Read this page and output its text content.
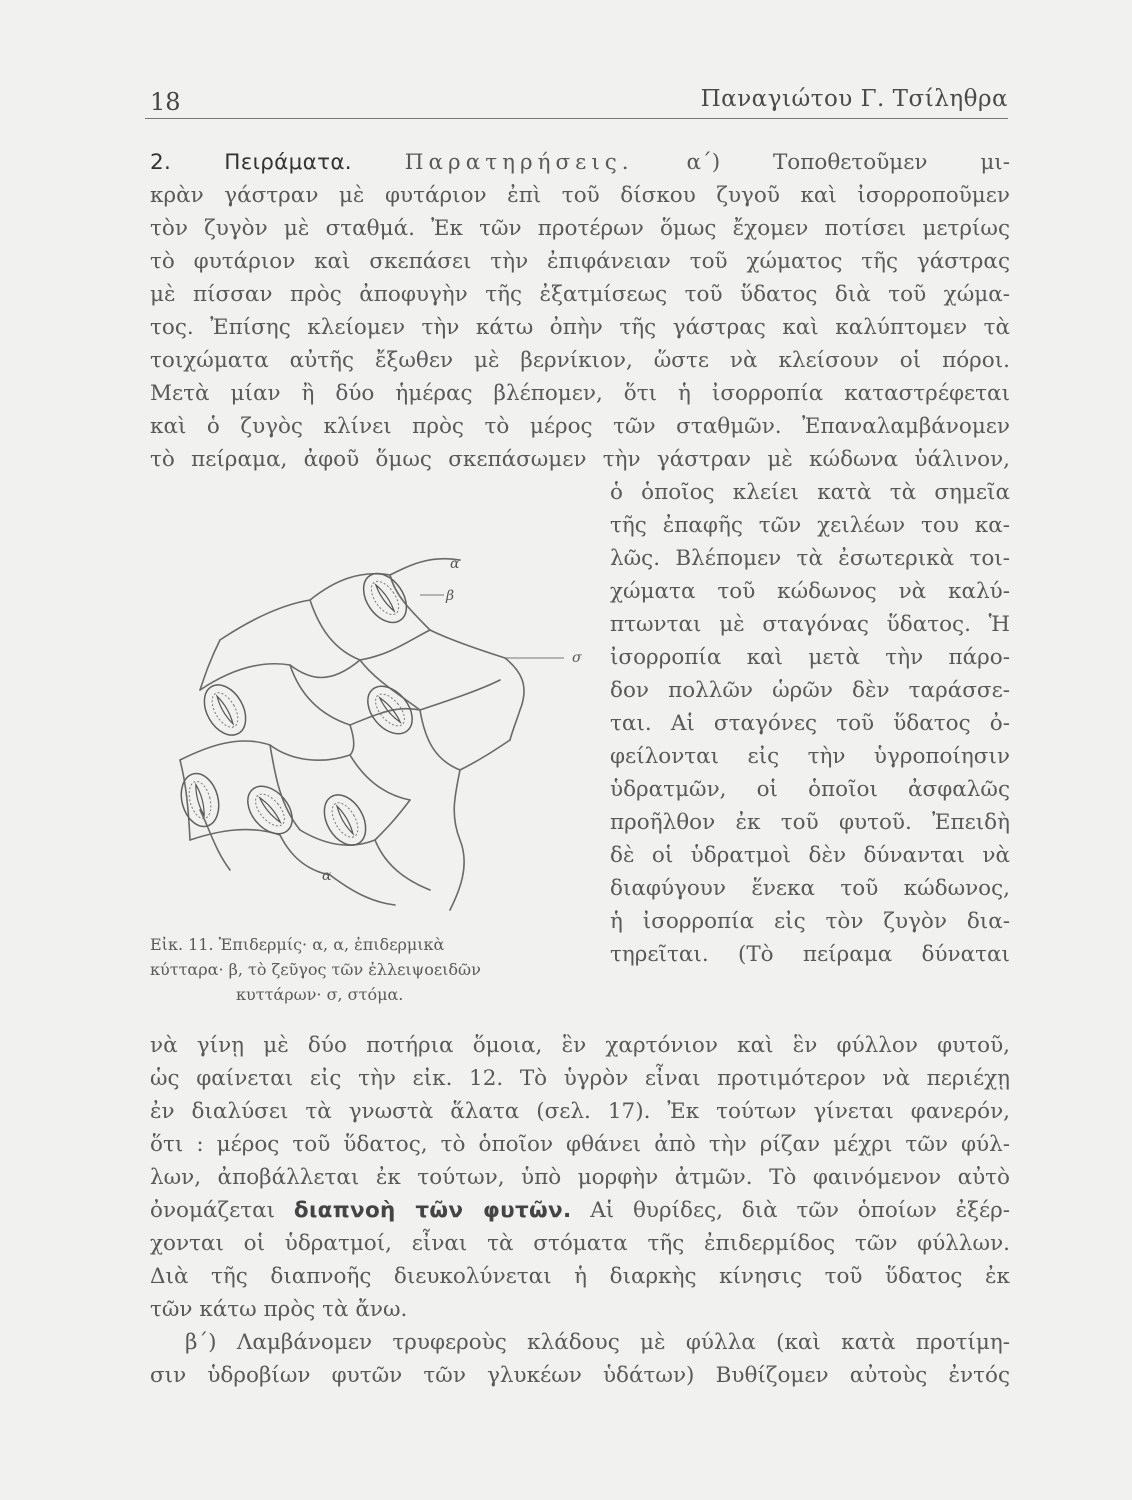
18	Παναγιώτου Γ. Τσίληθρα
2. Πειράματα. Παρατηρήσεις. α΄) Τοποθετοῦμεν μι-
κρὰν γάστραν μὲ φυτάριον ἐπὶ τοῦ δίσκου ζυγοῦ καὶ ἰσορροποῦμεν
τὸν ζυγὸν μὲ σταθμά. Ἐκ τῶν προτέρων ὅμως ἔχομεν ποτίσει μετρίως
τὸ φυτάριον καὶ σκεπάσει τὴν ἐπιφάνειαν τοῦ χώματος τῆς γάστρας
μὲ πίσσαν πρὸς ἀποφυγὴν τῆς ἐξατμίσεως τοῦ ὕδατος διὰ τοῦ χώμα-
τος. Ἐπίσης κλείομεν τὴν κάτω ὀπὴν τῆς γάστρας καὶ καλύπτομεν τὰ
τοιχώματα αὐτῆς ἔξωθεν μὲ βερνίκιον, ὥστε νὰ κλείσουν οἱ πόροι.
Μετὰ μίαν ἢ δύο ἡμέρας βλέπομεν, ὅτι ἡ ἰσορροπία καταστρέφεται
καὶ ὁ ζυγὸς κλίνει πρὸς τὸ μέρος τῶν σταθμῶν. Ἐπαναλαμβάνομεν
τὸ πείραμα, ἀφοῦ ὅμως σκεπάσωμεν τὴν γάστραν μὲ κώδωνα ὑάλινον,
ὁ ὁποῖος κλείει κατὰ τὰ σημεῖα
τῆς ἐπαφῆς τῶν χειλέων του κα-
λῶς. Βλέπομεν τὰ ἐσωτερικὰ τοι-
χώματα τοῦ κώδωνος νὰ καλύ-
πτωνται μὲ σταγόνας ὕδατος. Ἡ
ἰσορροπία καὶ μετὰ τὴν πάρο-
δον πολλῶν ὡρῶν δὲν ταράσσε-
ται. Αἱ σταγόνες τοῦ ὕδατος ὀ-
φείλονται εἰς τὴν ὑγροποίησιν
ὑδρατμῶν, οἱ ὁποῖοι ἀσφαλῶς
προῆλθον ἐκ τοῦ φυτοῦ. Ἐπειδὴ
δὲ οἱ ὑδρατμοὶ δὲν δύνανται νὰ
διαφύγουν ἕνεκα τοῦ κώδωνος,
ἡ ἰσορροπία εἰς τὸν ζυγὸν δια-
τηρεῖται. (Τὸ πείραμα δύναται
α
β
σ
α
Εἰκ. 11. Ἐπιδερμίς· α, α, ἐπιδερμικὰ
κύτταρα· β, τὸ ζεῦγος τῶν ἐλλειψοειδῶν
κυττάρων· σ, στόμα.
νὰ γίνῃ μὲ δύο ποτήρια ὅμοια, ἓν χαρτόνιον καὶ ἓν φύλλον φυτοῦ,
ὡς φαίνεται εἰς τὴν εἰκ. 12. Τὸ ὑγρὸν εἶναι προτιμότερον νὰ περιέχῃ
ἐν διαλύσει τὰ γνωστὰ ἅλατα (σελ. 17). Ἐκ τούτων γίνεται φανερόν,
ὅτι : μέρος τοῦ ὕδατος, τὸ ὁποῖον φθάνει ἀπὸ τὴν ρίζαν μέχρι τῶν φύλ-
λων, ἀποβάλλεται ἐκ τούτων, ὑπὸ μορφὴν ἀτμῶν. Τὸ φαινόμενον αὐτὸ
ὀνομάζεται διαπνοὴ τῶν φυτῶν. Αἱ θυρίδες, διὰ τῶν ὁποίων ἐξέρ-
χονται οἱ ὑδρατμοί, εἶναι τὰ στόματα τῆς ἐπιδερμίδος τῶν φύλλων.
Διὰ τῆς διαπνοῆς διευκολύνεται ἡ διαρκὴς κίνησις τοῦ ὕδατος ἐκ
τῶν κάτω πρὸς τὰ ἄνω.
β΄) Λαμβάνομεν τρυφεροὺς κλάδους μὲ φύλλα (καὶ κατὰ προτίμη-
σιν ὑδροβίων φυτῶν τῶν γλυκέων ὑδάτων) Βυθίζομεν αὐτοὺς ἐντός
